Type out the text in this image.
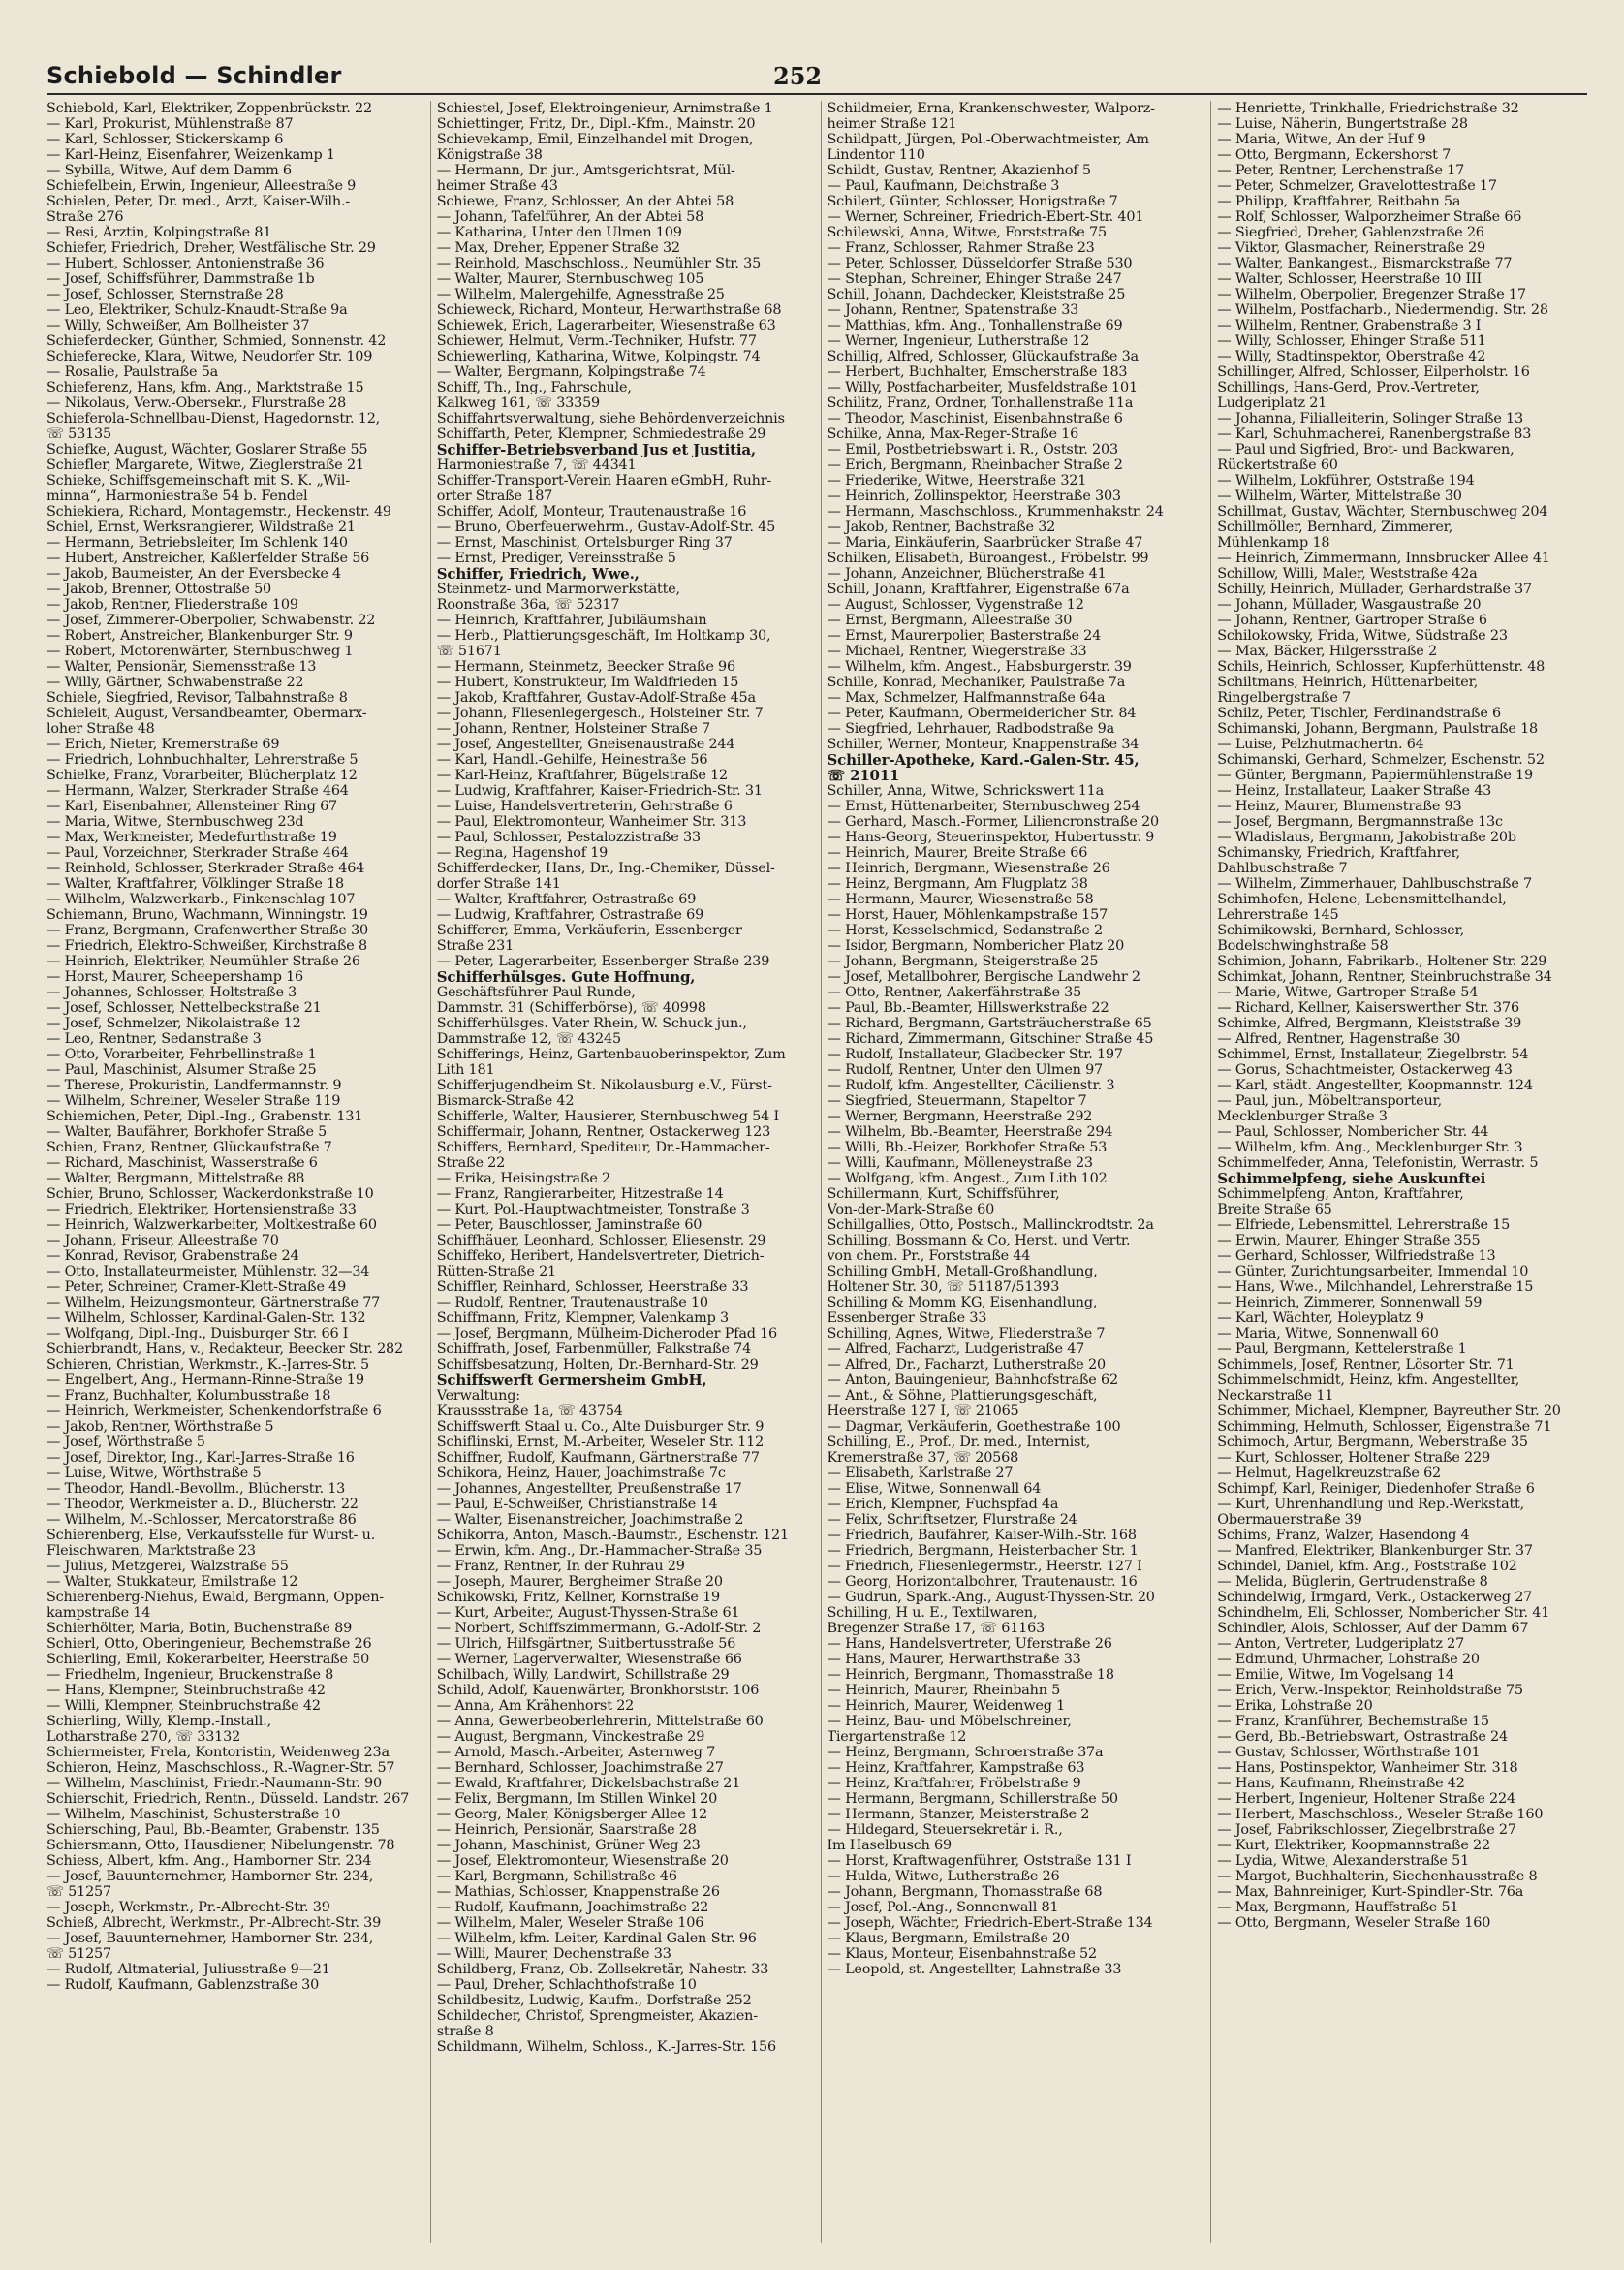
Schiebold — Schindler	252
Schiebold, Karl, Elektriker, Zoppenbrückstr. 22
— Karl, Prokurist, Mühlenstraße 87
— Karl, Schlosser, Stickerskamp 6
— Karl-Heinz, Eisenfahrer, Weizenkamp 1
— Sybilla, Witwe, Auf dem Damm 6
Schiefelbein, Erwin, Ingenieur, Alleestraße 9
Schielen, Peter, Dr. med., Arzt, Kaiser-Wilh.-
Straße 276
— Resi, Ärztin, Kolpingstraße 81
Schiefer, Friedrich, Dreher, Westfälische Str. 29
— Hubert, Schlosser, Antonienstraße 36
— Josef, Schiffsführer, Dammstraße 1b
— Josef, Schlosser, Sternstraße 28
— Leo, Elektriker, Schulz-Knaudt-Straße 9a
— Willy, Schweißer, Am Bollheister 37
Schieferdecker, Günther, Schmied, Sonnenstr. 42
Schieferecke, Klara, Witwe, Neudorfer Str. 109
— Rosalie, Paulstraße 5a
Schieferenz, Hans, kfm. Ang., Marktstraße 15
— Nikolaus, Verw.-Obersekr., Flurstraße 28
Schieferola-Schnellbau-Dienst, Hagedornstr. 12,
☏ 53135
Schiefke, August, Wächter, Goslarer Straße 55
Schiefler, Margarete, Witwe, Zieglerstraße 21
Schieke, Schiffsgemeinschaft mit S. K. „Wil-
minna“, Harmoniestraße 54 b. Fendel
Schiekiera, Richard, Montagemstr., Heckenstr. 49
Schiel, Ernst, Werksrangierer, Wildstraße 21
— Hermann, Betriebsleiter, Im Schlenk 140
— Hubert, Anstreicher, Kaßlerfelder Straße 56
— Jakob, Baumeister, An der Eversbecke 4
— Jakob, Brenner, Ottostraße 50
— Jakob, Rentner, Fliederstraße 109
— Josef, Zimmerer-Oberpolier, Schwabenstr. 22
— Robert, Anstreicher, Blankenburger Str. 9
— Robert, Motorenwärter, Sternbuschweg 1
— Walter, Pensionär, Siemensstraße 13
— Willy, Gärtner, Schwabenstraße 22
Schiele, Siegfried, Revisor, Talbahnstraße 8
Schieleit, August, Versandbeamter, Obermarx-
loher Straße 48
— Erich, Nieter, Kremerstraße 69
— Friedrich, Lohnbuchhalter, Lehrerstraße 5
Schielke, Franz, Vorarbeiter, Blücherplatz 12
— Hermann, Walzer, Sterkrader Straße 464
— Karl, Eisenbahner, Allensteiner Ring 67
— Maria, Witwe, Sternbuschweg 23d
— Max, Werkmeister, Medefurthstraße 19
— Paul, Vorzeichner, Sterkrader Straße 464
— Reinhold, Schlosser, Sterkrader Straße 464
— Walter, Kraftfahrer, Völklinger Straße 18
— Wilhelm, Walzwerkarb., Finkenschlag 107
Schiemann, Bruno, Wachmann, Winningstr. 19
— Franz, Bergmann, Grafenwerther Straße 30
— Friedrich, Elektro-Schweißer, Kirchstraße 8
— Heinrich, Elektriker, Neumühler Straße 26
— Horst, Maurer, Scheepershamp 16
— Johannes, Schlosser, Holtstraße 3
— Josef, Schlosser, Nettelbeckstraße 21
— Josef, Schmelzer, Nikolaistraße 12
— Leo, Rentner, Sedanstraße 3
— Otto, Vorarbeiter, Fehrbellinstraße 1
— Paul, Maschinist, Alsumer Straße 25
— Therese, Prokuristin, Landfermannstr. 9
— Wilhelm, Schreiner, Weseler Straße 119
Schiemichen, Peter, Dipl.-Ing., Grabenstr. 131
— Walter, Baufährer, Borkhofer Straße 5
Schien, Franz, Rentner, Glückaufstraße 7
— Richard, Maschinist, Wasserstraße 6
— Walter, Bergmann, Mittelstraße 88
Schier, Bruno, Schlosser, Wackerdonkstraße 10
— Friedrich, Elektriker, Hortensienstraße 33
— Heinrich, Walzwerkarbeiter, Moltkestraße 60
— Johann, Friseur, Alleestraße 70
— Konrad, Revisor, Grabenstraße 24
— Otto, Installateurmeister, Mühlenstr. 32—34
— Peter, Schreiner, Cramer-Klett-Straße 49
— Wilhelm, Heizungsmonteur, Gärtnerstraße 77
— Wilhelm, Schlosser, Kardinal-Galen-Str. 132
— Wolfgang, Dipl.-Ing., Duisburger Str. 66 I
Schierbrandt, Hans, v., Redakteur, Beecker Str. 282
Schieren, Christian, Werkmstr., K.-Jarres-Str. 5
— Engelbert, Ang., Hermann-Rinne-Straße 19
— Franz, Buchhalter, Kolumbusstraße 18
— Heinrich, Werkmeister, Schenkendorfstraße 6
— Jakob, Rentner, Wörthstraße 5
— Josef, Wörthstraße 5
— Josef, Direktor, Ing., Karl-Jarres-Straße 16
— Luise, Witwe, Wörthstraße 5
— Theodor, Handl.-Bevollm., Blücherstr. 13
— Theodor, Werkmeister a. D., Blücherstr. 22
— Wilhelm, M.-Schlosser, Mercatorstraße 86
Schierenberg, Else, Verkaufsstelle für Wurst- u.
Fleischwaren, Marktstraße 23
— Julius, Metzgerei, Walzstraße 55
— Walter, Stukkateur, Emilstraße 12
Schierenberg-Niehus, Ewald, Bergmann, Oppen-
kampstraße 14
Schierhölter, Maria, Botin, Buchenstraße 89
Schierl, Otto, Oberingenieur, Bechemstraße 26
Schierling, Emil, Kokerarbeiter, Heerstraße 50
— Friedhelm, Ingenieur, Bruckenstraße 8
— Hans, Klempner, Steinbruchstraße 42
— Willi, Klempner, Steinbruchstraße 42
Schierling, Willy, Klemp.-Install.,
Lotharstraße 270, ☏ 33132
Schiermeister, Frela, Kontoristin, Weidenweg 23a
Schieron, Heinz, Maschschloss., R.-Wagner-Str. 57
— Wilhelm, Maschinist, Friedr.-Naumann-Str. 90
Schierschit, Friedrich, Rentn., Düsseld. Landstr. 267
— Wilhelm, Maschinist, Schusterstraße 10
Schiersching, Paul, Bb.-Beamter, Grabenstr. 135
Schiersmann, Otto, Hausdiener, Nibelungenstr. 78
Schiess, Albert, kfm. Ang., Hamborner Str. 234
— Josef, Bauunternehmer, Hamborner Str. 234,
☏ 51257
— Joseph, Werkmstr., Pr.-Albrecht-Str. 39
Schieß, Albrecht, Werkmstr., Pr.-Albrecht-Str. 39
— Josef, Bauunternehmer, Hamborner Str. 234,
☏ 51257
— Rudolf, Altmaterial, Juliusstraße 9—21
— Rudolf, Kaufmann, Gablenzstraße 30
Schiestel, Josef, Elektroingenieur, Arnimstraße 1
Schiettinger, Fritz, Dr., Dipl.-Kfm., Mainstr. 20
Schievekamp, Emil, Einzelhandel mit Drogen,
Königstraße 38
— Hermann, Dr. jur., Amtsgerichtsrat, Mül-
heimer Straße 43
Schiewe, Franz, Schlosser, An der Abtei 58
— Johann, Tafelführer, An der Abtei 58
— Katharina, Unter den Ulmen 109
— Max, Dreher, Eppener Straße 32
— Reinhold, Maschschloss., Neumühler Str. 35
— Walter, Maurer, Sternbuschweg 105
— Wilhelm, Malergehilfe, Agnesstraße 25
Schieweck, Richard, Monteur, Herwarthstraße 68
Schiewek, Erich, Lagerarbeiter, Wiesenstraße 63
Schiewer, Helmut, Verm.-Techniker, Hufstr. 77
Schiewerling, Katharina, Witwe, Kolpingstr. 74
— Walter, Bergmann, Kolpingstraße 74
Schiff, Th., Ing., Fahrschule,
Kalkweg 161, ☏ 33359
Schiffahrtsverwaltung, siehe Behördenverzeichnis
Schiffarth, Peter, Klempner, Schmiedestraße 29
Schiffer-Betriebsverband Jus et Justitia,
Harmoniestraße 7, ☏ 44341
Schiffer-Transport-Verein Haaren eGmbH, Ruhr-
orter Straße 187
Schiffer, Adolf, Monteur, Trautenaustraße 16
— Bruno, Oberfeuerwehrm., Gustav-Adolf-Str. 45
— Ernst, Maschinist, Ortelsburger Ring 37
— Ernst, Prediger, Vereinsstraße 5
Schiffer, Friedrich, Wwe.,
Steinmetz- und Marmorwerkstätte,
Roonstraße 36a, ☏ 52317
— Heinrich, Kraftfahrer, Jubiläumshain
— Herb., Plattierungsgeschäft, Im Holtkamp 30,
☏ 51671
— Hermann, Steinmetz, Beecker Straße 96
— Hubert, Konstrukteur, Im Waldfrieden 15
— Jakob, Kraftfahrer, Gustav-Adolf-Straße 45a
— Johann, Fliesenlegergesch., Holsteiner Str. 7
— Johann, Rentner, Holsteiner Straße 7
— Josef, Angestellter, Gneisenaustraße 244
— Karl, Handl.-Gehilfe, Heinestraße 56
— Karl-Heinz, Kraftfahrer, Bügelstraße 12
— Ludwig, Kraftfahrer, Kaiser-Friedrich-Str. 31
— Luise, Handelsvertreterin, Gehrstraße 6
— Paul, Elektromonteur, Wanheimer Str. 313
— Paul, Schlosser, Pestalozzistraße 33
— Regina, Hagenshof 19
Schifferdecker, Hans, Dr., Ing.-Chemiker, Düssel-
dorfer Straße 141
— Walter, Kraftfahrer, Ostrastraße 69
— Ludwig, Kraftfahrer, Ostrastraße 69
Schifferer, Emma, Verkäuferin, Essenberger
Straße 231
— Peter, Lagerarbeiter, Essenberger Straße 239
Schifferhülsges. Gute Hoffnung,
Geschäftsführer Paul Runde,
Dammstr. 31 (Schifferbörse), ☏ 40998
Schifferhülsges. Vater Rhein, W. Schuck jun.,
Dammstraße 12, ☏ 43245
Schifferings, Heinz, Gartenbauoberinspektor, Zum
Lith 181
Schifferjugendheim St. Nikolausburg e.V., Fürst-
Bismarck-Straße 42
Schifferle, Walter, Hausierer, Sternbuschweg 54 I
Schiffermair, Johann, Rentner, Ostackerweg 123
Schiffers, Bernhard, Spediteur, Dr.-Hammacher-
Straße 22
— Erika, Heisingstraße 2
— Franz, Rangierarbeiter, Hitzestraße 14
— Kurt, Pol.-Hauptwachtmeister, Tonstraße 3
— Peter, Bauschlosser, Jaminstraße 60
Schiffhäuer, Leonhard, Schlosser, Eliesenstr. 29
Schiffeko, Heribert, Handelsvertreter, Dietrich-
Rütten-Straße 21
Schiffler, Reinhard, Schlosser, Heerstraße 33
— Rudolf, Rentner, Trautenaustraße 10
Schiffmann, Fritz, Klempner, Valenkamp 3
— Josef, Bergmann, Mülheim-Dicheroder Pfad 16
Schiffrath, Josef, Farbenmüller, Falkstraße 74
Schiffsbesatzung, Holten, Dr.-Bernhard-Str. 29
Schiffswerft Germersheim GmbH,
Verwaltung:
Kraussstraße 1a, ☏ 43754
Schiffswerft Staal u. Co., Alte Duisburger Str. 9
Schiflinski, Ernst, M.-Arbeiter, Weseler Str. 112
Schiffner, Rudolf, Kaufmann, Gärtnerstraße 77
Schikora, Heinz, Hauer, Joachimstraße 7c
— Johannes, Angestellter, Preußenstraße 17
— Paul, E-Schweißer, Christianstraße 14
— Walter, Eisenanstreicher, Joachimstraße 2
Schikorra, Anton, Masch.-Baumstr., Eschenstr. 121
— Erwin, kfm. Ang., Dr.-Hammacher-Straße 35
— Franz, Rentner, In der Ruhrau 29
— Joseph, Maurer, Bergheimer Straße 20
Schikowski, Fritz, Kellner, Kornstraße 19
— Kurt, Arbeiter, August-Thyssen-Straße 61
— Norbert, Schiffszimmermann, G.-Adolf-Str. 2
— Ulrich, Hilfsgärtner, Suitbertusstraße 56
— Werner, Lagerverwalter, Wiesenstraße 66
Schilbach, Willy, Landwirt, Schillstraße 29
Schild, Adolf, Kauenwärter, Bronkhorststr. 106
— Anna, Am Krähenhorst 22
— Anna, Gewerbeoberlehrerin, Mittelstraße 60
— August, Bergmann, Vinckestraße 29
— Arnold, Masch.-Arbeiter, Asternweg 7
— Bernhard, Schlosser, Joachimstraße 27
— Ewald, Kraftfahrer, Dickelsbachstraße 21
— Felix, Bergmann, Im Stillen Winkel 20
— Georg, Maler, Königsberger Allee 12
— Heinrich, Pensionär, Saarstraße 28
— Johann, Maschinist, Grüner Weg 23
— Josef, Elektromonteur, Wiesenstraße 20
— Karl, Bergmann, Schillstraße 46
— Mathias, Schlosser, Knappenstraße 26
— Rudolf, Kaufmann, Joachimstraße 22
— Wilhelm, Maler, Weseler Straße 106
— Wilhelm, kfm. Leiter, Kardinal-Galen-Str. 96
— Willi, Maurer, Dechenstraße 33
Schildberg, Franz, Ob.-Zollsekretär, Nahestr. 33
— Paul, Dreher, Schlachthofstraße 10
Schildbesitz, Ludwig, Kaufm., Dorfstraße 252
Schildecher, Christof, Sprengmeister, Akazien-
straße 8
Schildmann, Wilhelm, Schloss., K.-Jarres-Str. 156
Schildmeier, Erna, Krankenschwester, Walporz-
heimer Straße 121
Schildpatt, Jürgen, Pol.-Oberwachtmeister, Am
Lindentor 110
Schildt, Gustav, Rentner, Akazienhof 5
— Paul, Kaufmann, Deichstraße 3
Schilert, Günter, Schlosser, Honigstraße 7
— Werner, Schreiner, Friedrich-Ebert-Str. 401
Schilewski, Anna, Witwe, Forststraße 75
— Franz, Schlosser, Rahmer Straße 23
— Peter, Schlosser, Düsseldorfer Straße 530
— Stephan, Schreiner, Ehinger Straße 247
Schill, Johann, Dachdecker, Kleiststraße 25
— Johann, Rentner, Spatenstraße 33
— Matthias, kfm. Ang., Tonhallenstraße 69
— Werner, Ingenieur, Lutherstraße 12
Schillig, Alfred, Schlosser, Glückaufstraße 3a
— Herbert, Buchhalter, Emscherstraße 183
— Willy, Postfacharbeiter, Musfeldstraße 101
Schilitz, Franz, Ordner, Tonhallenstraße 11a
— Theodor, Maschinist, Eisenbahnstraße 6
Schilke, Anna, Max-Reger-Straße 16
— Emil, Postbetriebswart i. R., Oststr. 203
— Erich, Bergmann, Rheinbacher Straße 2
— Friederike, Witwe, Heerstraße 321
— Heinrich, Zollinspektor, Heerstraße 303
— Hermann, Maschschloss., Krummenhakstr. 24
— Jakob, Rentner, Bachstraße 32
— Maria, Einkäuferin, Saarbrücker Straße 47
Schilken, Elisabeth, Büroangest., Fröbelstr. 99
— Johann, Anzeichner, Blücherstraße 41
Schill, Johann, Kraftfahrer, Eigenstraße 67a
— August, Schlosser, Vygenstraße 12
— Ernst, Bergmann, Alleestraße 30
— Ernst, Maurerpolier, Basterstraße 24
— Michael, Rentner, Wiegerstraße 33
— Wilhelm, kfm. Angest., Habsburgerstr. 39
Schille, Konrad, Mechaniker, Paulstraße 7a
— Max, Schmelzer, Halfmannstraße 64a
— Peter, Kaufmann, Obermeidericher Str. 84
— Siegfried, Lehrhauer, Radbodstraße 9a
Schiller, Werner, Monteur, Knappenstraße 34
Schiller-Apotheke, Kard.-Galen-Str. 45,
☏ 21011
Schiller, Anna, Witwe, Schrickswert 11a
— Ernst, Hüttenarbeiter, Sternbuschweg 254
— Gerhard, Masch.-Former, Liliencronstraße 20
— Hans-Georg, Steuerinspektor, Hubertusstr. 9
— Heinrich, Maurer, Breite Straße 66
— Heinrich, Bergmann, Wiesenstraße 26
— Heinz, Bergmann, Am Flugplatz 38
— Hermann, Maurer, Wiesenstraße 58
— Horst, Hauer, Möhlenkampstraße 157
— Horst, Kesselschmied, Sedanstraße 2
— Isidor, Bergmann, Nombericher Platz 20
— Johann, Bergmann, Steigerstraße 25
— Josef, Metallbohrer, Bergische Landwehr 2
— Otto, Rentner, Aakerfährstraße 35
— Paul, Bb.-Beamter, Hillswerkstraße 22
— Richard, Bergmann, Gartsträucherstraße 65
— Richard, Zimmermann, Gitschiner Straße 45
— Rudolf, Installateur, Gladbecker Str. 197
— Rudolf, Rentner, Unter den Ulmen 97
— Rudolf, kfm. Angestellter, Cäcilienstr. 3
— Siegfried, Steuermann, Stapeltor 7
— Werner, Bergmann, Heerstraße 292
— Wilhelm, Bb.-Beamter, Heerstraße 294
— Willi, Bb.-Heizer, Borkhofer Straße 53
— Willi, Kaufmann, Mölleneystraße 23
— Wolfgang, kfm. Angest., Zum Lith 102
Schillermann, Kurt, Schiffsführer,
Von-der-Mark-Straße 60
Schillgallies, Otto, Postsch., Mallinckrodtstr. 2a
Schilling, Bossmann & Co, Herst. und Vertr.
von chem. Pr., Forststraße 44
Schilling GmbH, Metall-Großhandlung,
Holtener Str. 30, ☏ 51187/51393
Schilling & Momm KG, Eisenhandlung,
Essenberger Straße 33
Schilling, Agnes, Witwe, Fliederstraße 7
— Alfred, Facharzt, Ludgeristraße 47
— Alfred, Dr., Facharzt, Lutherstraße 20
— Anton, Bauingenieur, Bahnhofstraße 62
— Ant., & Söhne, Plattierungsgeschäft,
Heerstraße 127 I, ☏ 21065
— Dagmar, Verkäuferin, Goethestraße 100
Schilling, E., Prof., Dr. med., Internist,
Kremerstraße 37, ☏ 20568
— Elisabeth, Karlstraße 27
— Elise, Witwe, Sonnenwall 64
— Erich, Klempner, Fuchspfad 4a
— Felix, Schriftsetzer, Flurstraße 24
— Friedrich, Baufährer, Kaiser-Wilh.-Str. 168
— Friedrich, Bergmann, Heisterbacher Str. 1
— Friedrich, Fliesenlegermstr., Heerstr. 127 I
— Georg, Horizontalbohrer, Trautenaustr. 16
— Gudrun, Spark.-Ang., August-Thyssen-Str. 20
Schilling, H u. E., Textilwaren,
Bregenzer Straße 17, ☏ 61163
— Hans, Handelsvertreter, Uferstraße 26
— Hans, Maurer, Herwarthstraße 33
— Heinrich, Bergmann, Thomasstraße 18
— Heinrich, Maurer, Rheinbahn 5
— Heinrich, Maurer, Weidenweg 1
— Heinz, Bau- und Möbelschreiner,
Tiergartenstraße 12
— Heinz, Bergmann, Schroerstraße 37a
— Heinz, Kraftfahrer, Kampstraße 63
— Heinz, Kraftfahrer, Fröbelstraße 9
— Hermann, Bergmann, Schillerstraße 50
— Hermann, Stanzer, Meisterstraße 2
— Hildegard, Steuersekretär i. R.,
Im Haselbusch 69
— Horst, Kraftwagenführer, Oststraße 131 I
— Hulda, Witwe, Lutherstraße 26
— Johann, Bergmann, Thomasstraße 68
— Josef, Pol.-Ang., Sonnenwall 81
— Joseph, Wächter, Friedrich-Ebert-Straße 134
— Klaus, Bergmann, Emilstraße 20
— Klaus, Monteur, Eisenbahnstraße 52
— Leopold, st. Angestellter, Lahnstraße 33
— Henriette, Trinkhalle, Friedrichstraße 32
— Luise, Näherin, Bungertstraße 28
— Maria, Witwe, An der Huf 9
— Otto, Bergmann, Eckershorst 7
— Peter, Rentner, Lerchenstraße 17
— Peter, Schmelzer, Gravelottestraße 17
— Philipp, Kraftfahrer, Reitbahn 5a
— Rolf, Schlosser, Walporzheimer Straße 66
— Siegfried, Dreher, Gablenzstraße 26
— Viktor, Glasmacher, Reinerstraße 29
— Walter, Bankangest., Bismarckstraße 77
— Walter, Schlosser, Heerstraße 10 III
— Wilhelm, Oberpolier, Bregenzer Straße 17
— Wilhelm, Postfacharb., Niedermendig. Str. 28
— Wilhelm, Rentner, Grabenstraße 3 I
— Willy, Schlosser, Ehinger Straße 511
— Willy, Stadtinspektor, Oberstraße 42
Schillinger, Alfred, Schlosser, Eilperholstr. 16
Schillings, Hans-Gerd, Prov.-Vertreter,
Ludgeriplatz 21
— Johanna, Filialleiterin, Solinger Straße 13
— Karl, Schuhmacherei, Ranenbergstraße 83
— Paul und Sigfried, Brot- und Backwaren,
Rückertstraße 60
— Wilhelm, Lokführer, Oststraße 194
— Wilhelm, Wärter, Mittelstraße 30
Schillmat, Gustav, Wächter, Sternbuschweg 204
Schillmöller, Bernhard, Zimmerer,
Mühlenkamp 18
— Heinrich, Zimmermann, Innsbrucker Allee 41
Schillow, Willi, Maler, Weststraße 42a
Schilly, Heinrich, Müllader, Gerhardstraße 37
— Johann, Müllader, Wasgaustraße 20
— Johann, Rentner, Gartroper Straße 6
Schilokowsky, Frida, Witwe, Südstraße 23
— Max, Bäcker, Hilgersstraße 2
Schils, Heinrich, Schlosser, Kupferhüttenstr. 48
Schiltmans, Heinrich, Hüttenarbeiter,
Ringelbergstraße 7
Schilz, Peter, Tischler, Ferdinandstraße 6
Schimanski, Johann, Bergmann, Paulstraße 18
— Luise, Pelzhutmachertn. 64
Schimanski, Gerhard, Schmelzer, Eschenstr. 52
— Günter, Bergmann, Papiermühlenstraße 19
— Heinz, Installateur, Laaker Straße 43
— Heinz, Maurer, Blumenstraße 93
— Josef, Bergmann, Bergmannstraße 13c
— Wladislaus, Bergmann, Jakobistraße 20b
Schimansky, Friedrich, Kraftfahrer,
Dahlbuschstraße 7
— Wilhelm, Zimmerhauer, Dahlbuschstraße 7
Schimhofen, Helene, Lebensmittelhandel,
Lehrerstraße 145
Schimikowski, Bernhard, Schlosser,
Bodelschwinghstraße 58
Schimion, Johann, Fabrikarb., Holtener Str. 229
Schimkat, Johann, Rentner, Steinbruchstraße 34
— Marie, Witwe, Gartroper Straße 54
— Richard, Kellner, Kaiserswerther Str. 376
Schimke, Alfred, Bergmann, Kleiststraße 39
— Alfred, Rentner, Hagenstraße 30
Schimmel, Ernst, Installateur, Ziegelbrstr. 54
— Gorus, Schachtmeister, Ostackerweg 43
— Karl, städt. Angestellter, Koopmannstr. 124
— Paul, jun., Möbeltransporteur,
Mecklenburger Straße 3
— Paul, Schlosser, Nombericher Str. 44
— Wilhelm, kfm. Ang., Mecklenburger Str. 3
Schimmelfeder, Anna, Telefonistin, Werrastr. 5
Schimmelpfeng, siehe Auskunftei
Schimmelpfeng, Anton, Kraftfahrer,
Breite Straße 65
— Elfriede, Lebensmittel, Lehrerstraße 15
— Erwin, Maurer, Ehinger Straße 355
— Gerhard, Schlosser, Wilfriedstraße 13
— Günter, Zurichtungsarbeiter, Immendal 10
— Hans, Wwe., Milchhandel, Lehrerstraße 15
— Heinrich, Zimmerer, Sonnenwall 59
— Karl, Wächter, Holeyplatz 9
— Maria, Witwe, Sonnenwall 60
— Paul, Bergmann, Kettelerstraße 1
Schimmels, Josef, Rentner, Lösorter Str. 71
Schimmelschmidt, Heinz, kfm. Angestellter,
Neckarstraße 11
Schimmer, Michael, Klempner, Bayreuther Str. 20
Schimming, Helmuth, Schlosser, Eigenstraße 71
Schimoch, Artur, Bergmann, Weberstraße 35
— Kurt, Schlosser, Holtener Straße 229
— Helmut, Hagelkreuzstraße 62
Schimpf, Karl, Reiniger, Diedenhofer Straße 6
— Kurt, Uhrenhandlung und Rep.-Werkstatt,
Obermauerstraße 39
Schims, Franz, Walzer, Hasendong 4
— Manfred, Elektriker, Blankenburger Str. 37
Schindel, Daniel, kfm. Ang., Poststraße 102
— Melida, Büglerin, Gertrudenstraße 8
Schindelwig, Irmgard, Verk., Ostackerweg 27
Schindhelm, Eli, Schlosser, Nombericher Str. 41
Schindler, Alois, Schlosser, Auf der Damm 67
— Anton, Vertreter, Ludgeriplatz 27
— Edmund, Uhrmacher, Lohstraße 20
— Emilie, Witwe, Im Vogelsang 14
— Erich, Verw.-Inspektor, Reinholdstraße 75
— Erika, Lohstraße 20
— Franz, Kranführer, Bechemstraße 15
— Gerd, Bb.-Betriebswart, Ostrastraße 24
— Gustav, Schlosser, Wörthstraße 101
— Hans, Postinspektor, Wanheimer Str. 318
— Hans, Kaufmann, Rheinstraße 42
— Herbert, Ingenieur, Holtener Straße 224
— Herbert, Maschschloss., Weseler Straße 160
— Josef, Fabrikschlosser, Ziegelbrstraße 27
— Kurt, Elektriker, Koopmannstraße 22
— Lydia, Witwe, Alexanderstraße 51
— Margot, Buchhalterin, Siechenhausstraße 8
— Max, Bahnreiniger, Kurt-Spindler-Str. 76a
— Max, Bergmann, Hauffstraße 51
— Otto, Bergmann, Weseler Straße 160
